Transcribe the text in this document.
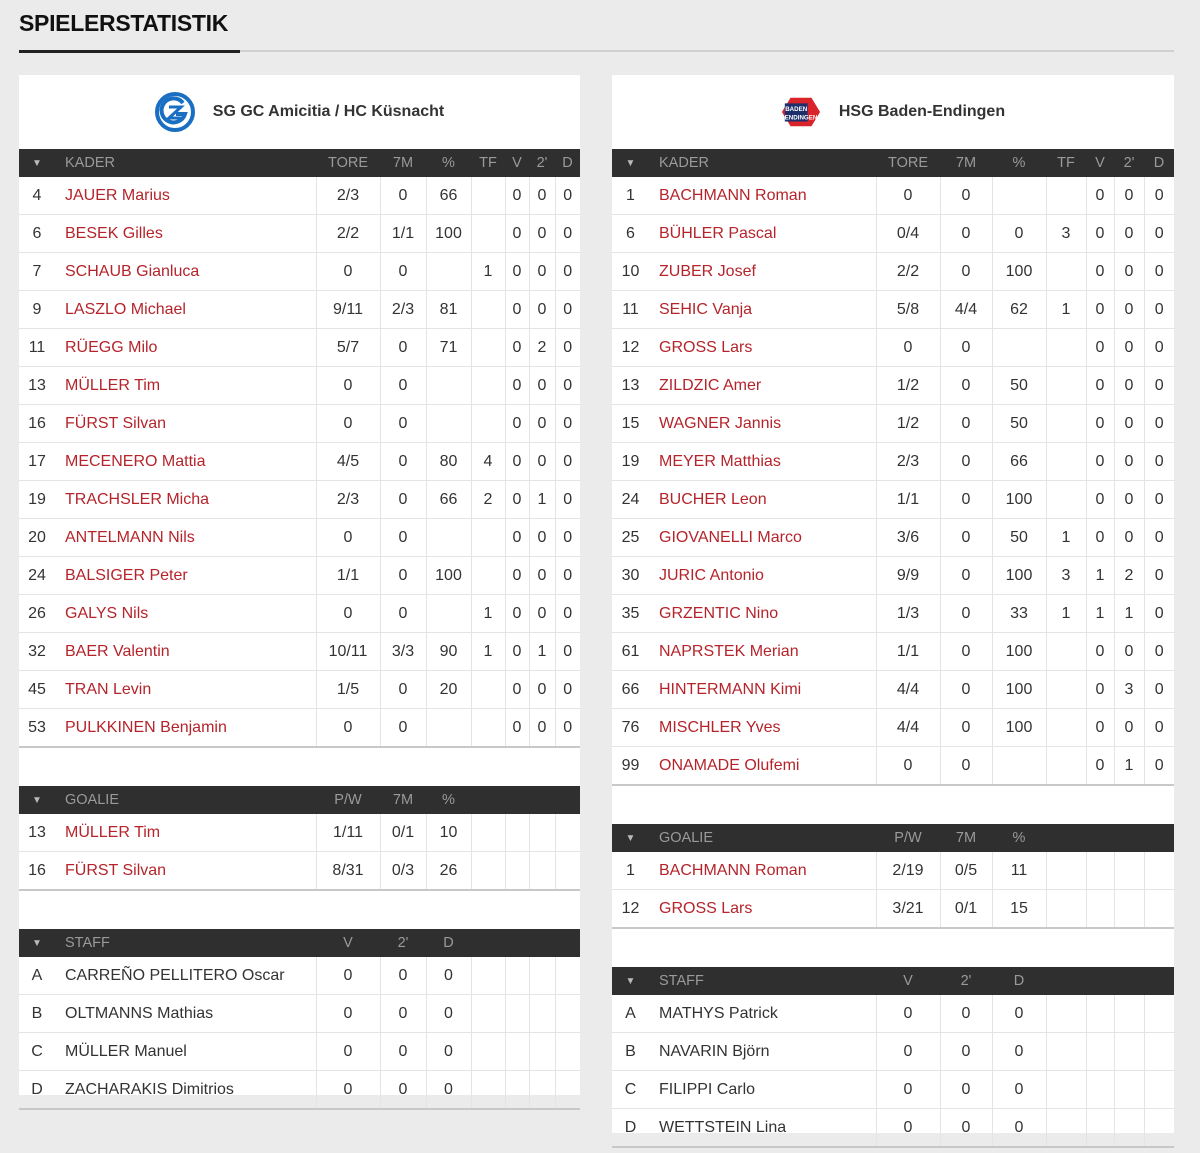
SPIELERSTATISTIK
SG GC Amicitia / HC Küsnacht
▼	KADER	TORE	7M	%	TF	V	2'	D
4	JAUER Marius	2/3	0	66		0	0	0
6	BESEK Gilles	2/2	1/1	100		0	0	0
7	SCHAUB Gianluca	0	0		1	0	0	0
9	LASZLO Michael	9/11	2/3	81		0	0	0
11	RÜEGG Milo	5/7	0	71		0	2	0
13	MÜLLER Tim	0	0			0	0	0
16	FÜRST Silvan	0	0			0	0	0
17	MECENERO Mattia	4/5	0	80	4	0	0	0
19	TRACHSLER Micha	2/3	0	66	2	0	1	0
20	ANTELMANN Nils	0	0			0	0	0
24	BALSIGER Peter	1/1	0	100		0	0	0
26	GALYS Nils	0	0		1	0	0	0
32	BAER Valentin	10/11	3/3	90	1	0	1	0
45	TRAN Levin	1/5	0	20		0	0	0
53	PULKKINEN Benjamin	0	0			0	0	0
▼	GOALIE	P/W	7M	%				
13	MÜLLER Tim	1/11	0/1	10				
16	FÜRST Silvan	8/31	0/3	26				
▼	STAFF	V	2'	D				
A	CARREÑO PELLITERO Oscar	0	0	0				
B	OLTMANNS Mathias	0	0	0				
C	MÜLLER Manuel	0	0	0				
D	ZACHARAKIS Dimitrios	0	0	0				
BADEN
ENDINGEN HSG Baden-Endingen
▼	KADER	TORE	7M	%	TF	V	2'	D
1	BACHMANN Roman	0	0			0	0	0
6	BÜHLER Pascal	0/4	0	0	3	0	0	0
10	ZUBER Josef	2/2	0	100		0	0	0
11	SEHIC Vanja	5/8	4/4	62	1	0	0	0
12	GROSS Lars	0	0			0	0	0
13	ZILDZIC Amer	1/2	0	50		0	0	0
15	WAGNER Jannis	1/2	0	50		0	0	0
19	MEYER Matthias	2/3	0	66		0	0	0
24	BUCHER Leon	1/1	0	100		0	0	0
25	GIOVANELLI Marco	3/6	0	50	1	0	0	0
30	JURIC Antonio	9/9	0	100	3	1	2	0
35	GRZENTIC Nino	1/3	0	33	1	1	1	0
61	NAPRSTEK Merian	1/1	0	100		0	0	0
66	HINTERMANN Kimi	4/4	0	100		0	3	0
76	MISCHLER Yves	4/4	0	100		0	0	0
99	ONAMADE Olufemi	0	0			0	1	0
▼	GOALIE	P/W	7M	%				
1	BACHMANN Roman	2/19	0/5	11				
12	GROSS Lars	3/21	0/1	15				
▼	STAFF	V	2'	D				
A	MATHYS Patrick	0	0	0				
B	NAVARIN Björn	0	0	0				
C	FILIPPI Carlo	0	0	0				
D	WETTSTEIN Lina	0	0	0				
